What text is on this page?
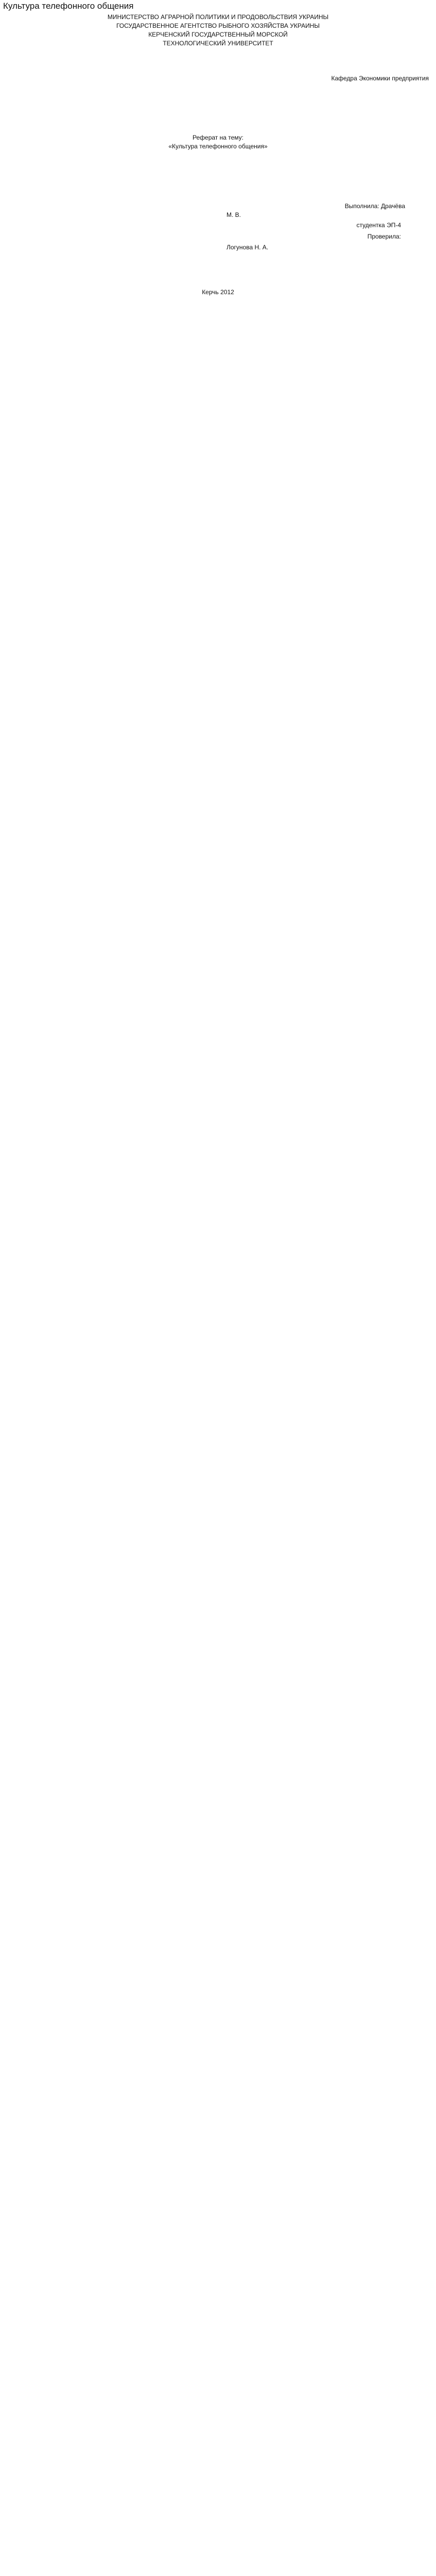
Культура телефонного общения
МИНИСТЕРСТВО АГРАРНОЙ ПОЛИТИКИ И ПРОДОВОЛЬСТВИЯ УКРАИНЫ
ГОСУДАРСТВЕННОЕ АГЕНТСТВО РЫБНОГО ХОЗЯЙСТВА УКРАИНЫ
КЕРЧЕНСКИЙ ГОСУДАРСТВЕННЫЙ МОРСКОЙ
ТЕХНОЛОГИЧЕСКИЙ УНИВЕРСИТЕТ
Кафедра Экономики предприятия
Реферат на тему:
«Культура телефонного общения»
Выполнила: Драчёва
М. В.
студентка ЭП-4
Проверила:
Логунова Н. А.
Керчь 2012
